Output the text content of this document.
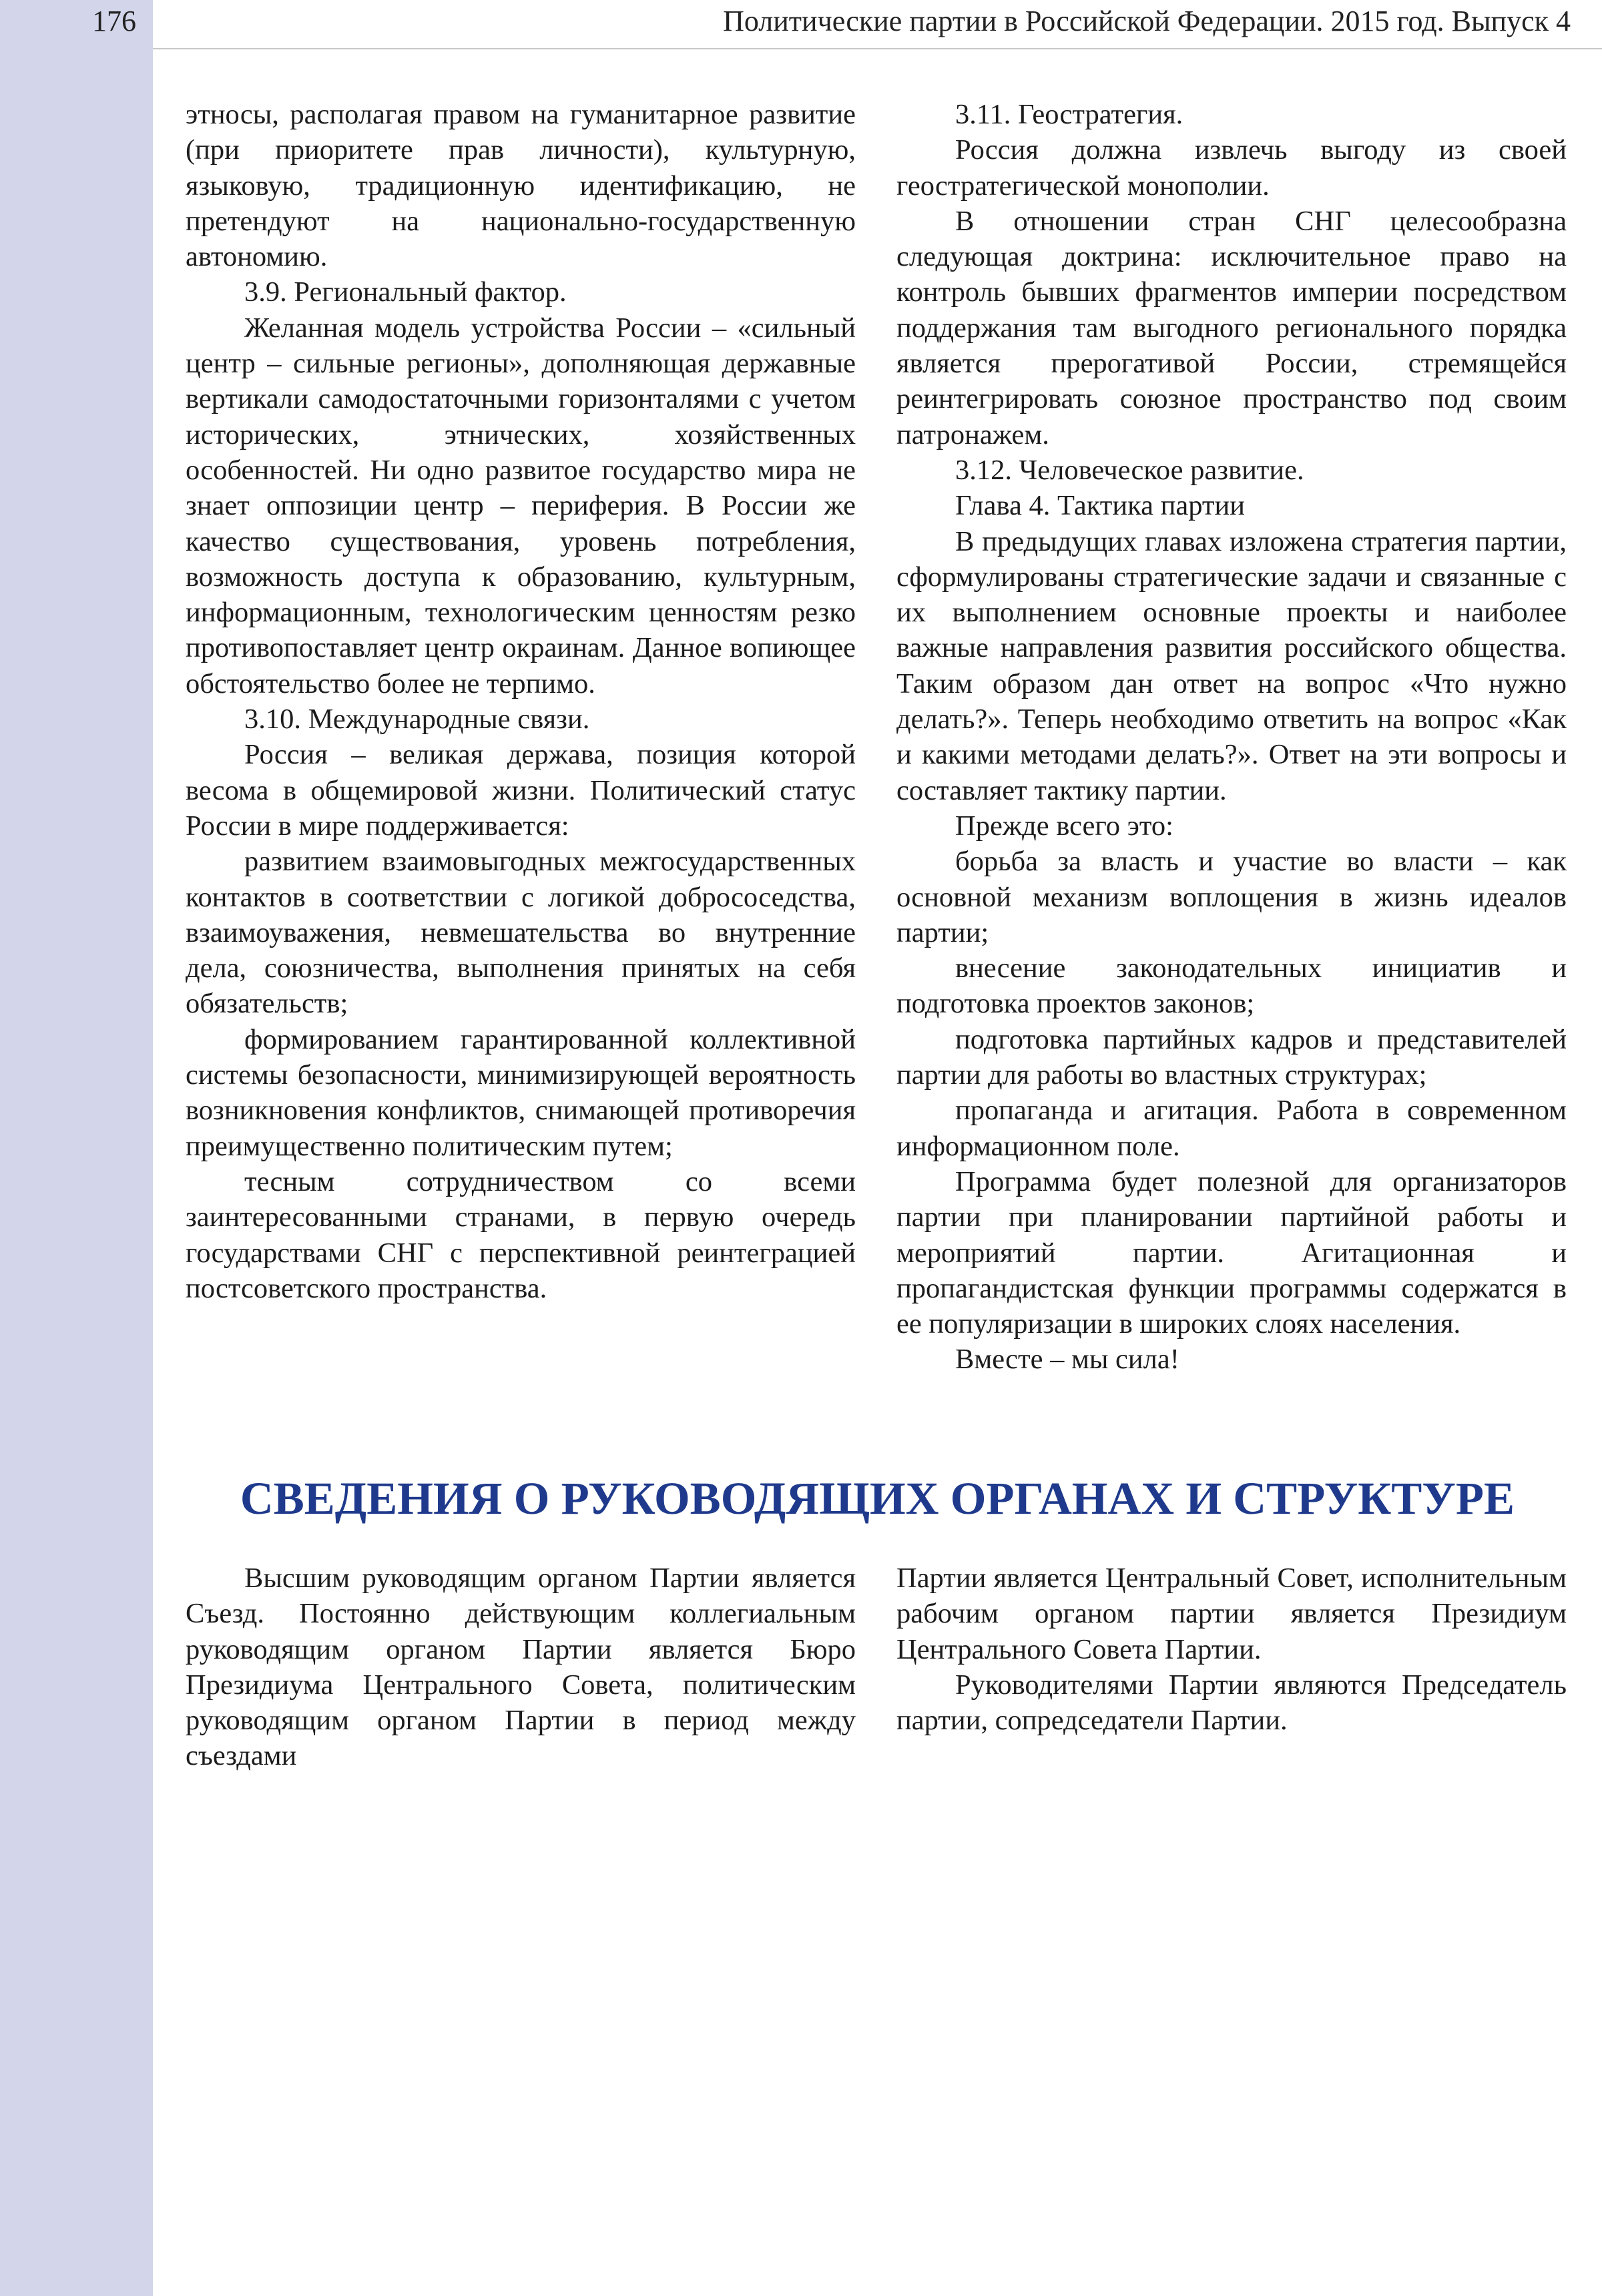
176	Политические партии в Российской Федерации. 2015 год. Выпуск 4

этносы, располагая правом на гуманитарное развитие (при приоритете прав личности), культурную, языковую, традиционную идентификацию, не претендуют на национально-государственную автономию.

3.9. Региональный фактор.

Желанная модель устройства России – «сильный центр – сильные регионы», дополняющая державные вертикали самодостаточными горизонталями с учетом исторических, этнических, хозяйственных особенностей. Ни одно развитое государство мира не знает оппозиции центр – периферия. В России же качество существования, уровень потребления, возможность доступа к образованию, культурным, информационным, технологическим ценностям резко противопоставляет центр окраинам. Данное вопиющее обстоятельство более не терпимо.

3.10. Международные связи.

Россия – великая держава, позиция которой весома в общемировой жизни. Политический статус России в мире поддерживается:

развитием взаимовыгодных межгосударственных контактов в соответствии с логикой добрососедства, взаимоуважения, невмешательства во внутренние дела, союзничества, выполнения принятых на себя обязательств;

формированием гарантированной коллективной системы безопасности, минимизирующей вероятность возникновения конфликтов, снимающей противоречия преимущественно политическим путем;

тесным сотрудничеством со всеми заинтересованными странами, в первую очередь государствами СНГ с перспективной реинтеграцией постсоветского пространства.

3.11. Геостратегия.

Россия должна извлечь выгоду из своей геостратегической монополии.

В отношении стран СНГ целесообразна следующая доктрина: исключительное право на контроль бывших фрагментов империи посредством поддержания там выгодного регионального порядка является прерогативой России, стремящейся реинтегрировать союзное пространство под своим патронажем.

3.12. Человеческое развитие.

Глава 4. Тактика партии

В предыдущих главах изложена стратегия партии, сформулированы стратегические задачи и связанные с их выполнением основные проекты и наиболее важные направления развития российского общества. Таким образом дан ответ на вопрос «Что нужно делать?». Теперь необходимо ответить на вопрос «Как и какими методами делать?». Ответ на эти вопросы и составляет тактику партии.

Прежде всего это:

борьба за власть и участие во власти – как основной механизм воплощения в жизнь идеалов партии;

внесение законодательных инициатив и подготовка проектов законов;

подготовка партийных кадров и представителей партии для работы во властных структурах;

пропаганда и агитация. Работа в современном информационном поле.

Программа будет полезной для организаторов партии при планировании партийной работы и мероприятий партии. Агитационная и пропагандистская функции программы содержатся в ее популяризации в широких слоях населения.

Вместе – мы сила!

СВЕДЕНИЯ О РУКОВОДЯЩИХ ОРГАНАХ И СТРУКТУРЕ

Высшим руководящим органом Партии является Съезд. Постоянно действующим коллегиальным руководящим органом Партии является Бюро Президиума Центрального Совета, политическим руководящим органом Партии в период между съездами

Партии является Центральный Совет, исполнительным рабочим органом партии является Президиум Центрального Совета Партии.

Руководителями Партии являются Председатель партии, сопредседатели Партии.
